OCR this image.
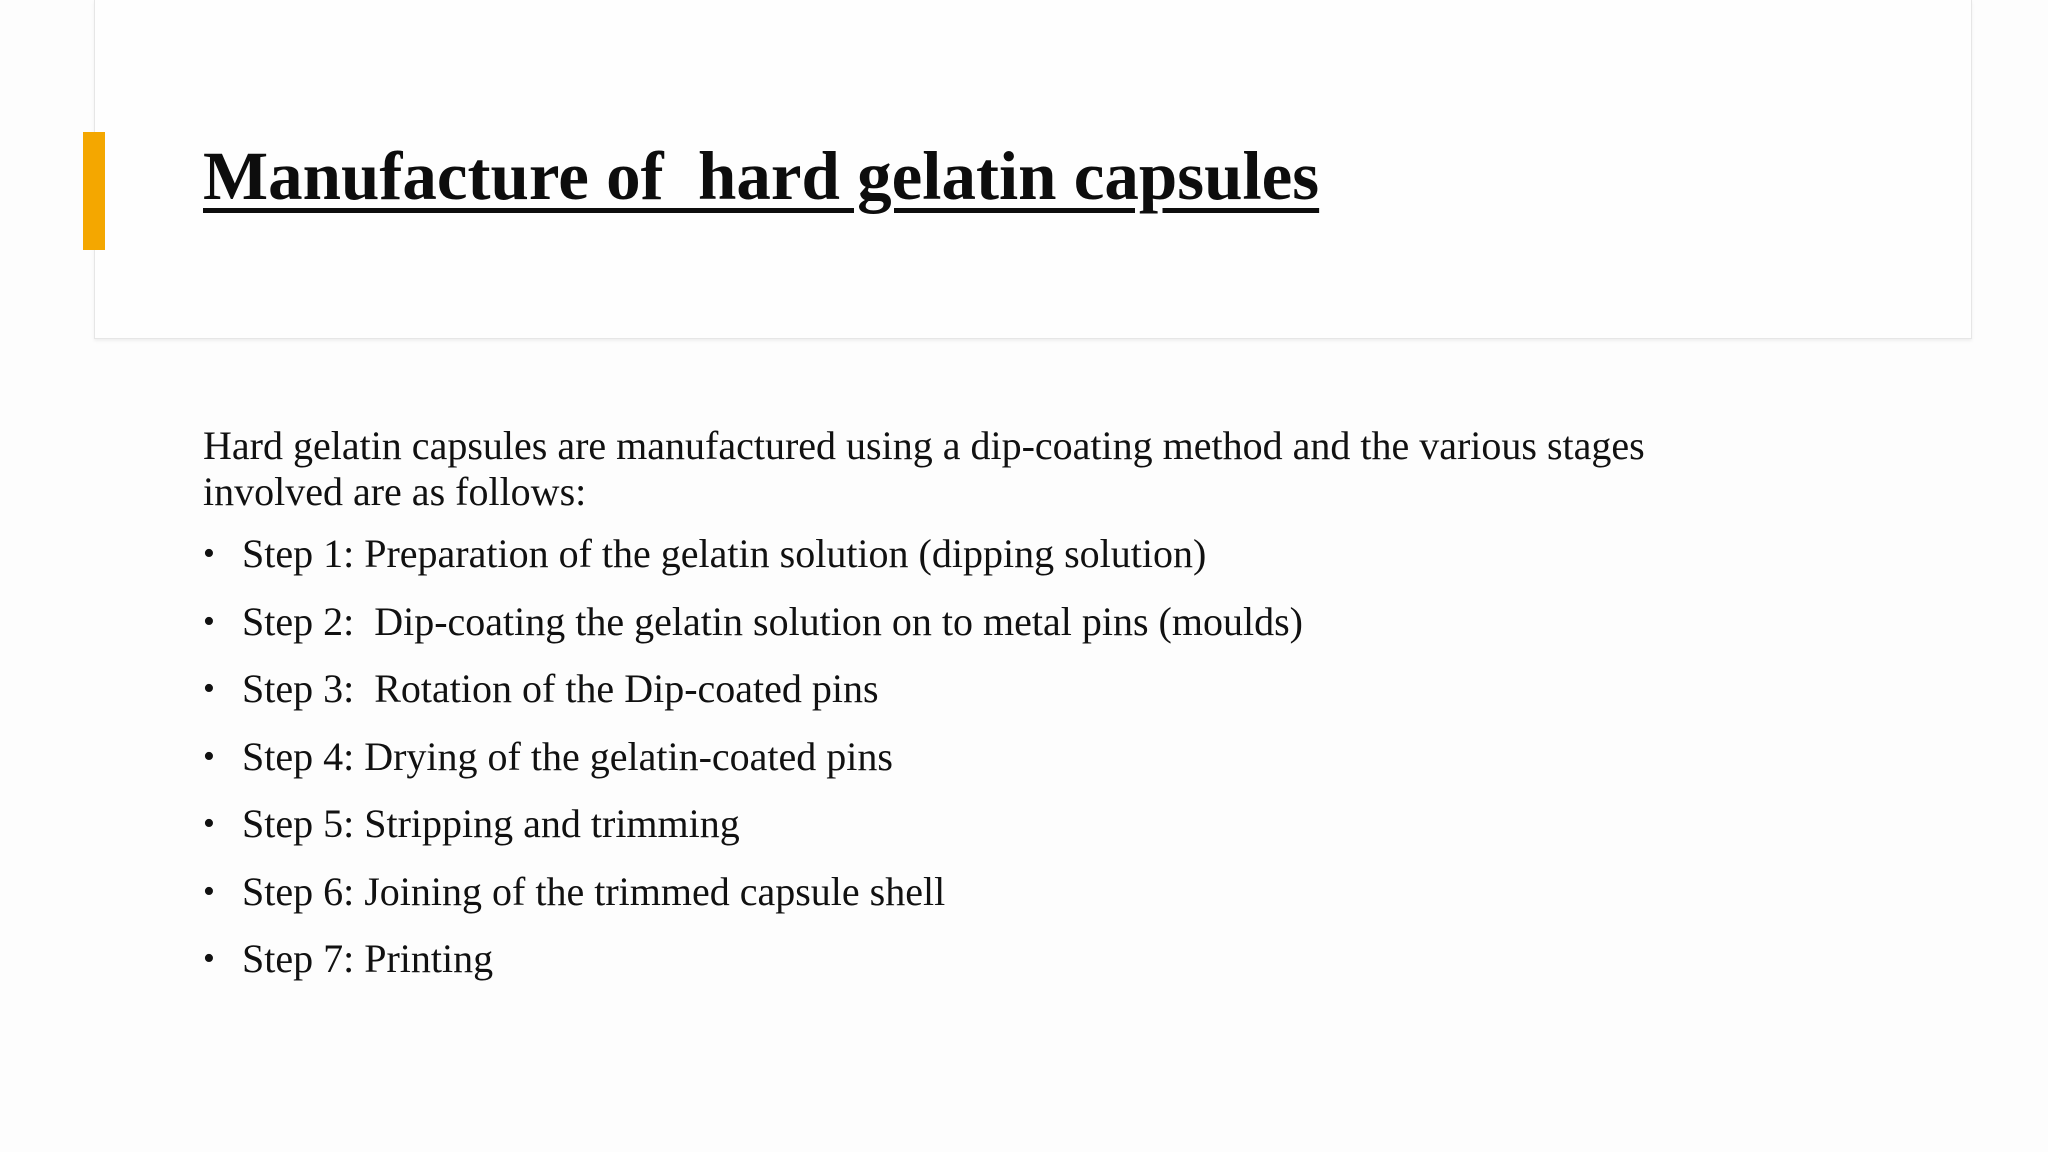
Manufacture of  hard gelatin capsules

Hard gelatin capsules are manufactured using a dip-coating method and the various stages involved are as follows:

• Step 1: Preparation of the gelatin solution (dipping solution)
• Step 2:  Dip-coating the gelatin solution on to metal pins (moulds)
• Step 3:  Rotation of the Dip-coated pins
• Step 4: Drying of the gelatin-coated pins
• Step 5: Stripping and trimming
• Step 6: Joining of the trimmed capsule shell
• Step 7: Printing
